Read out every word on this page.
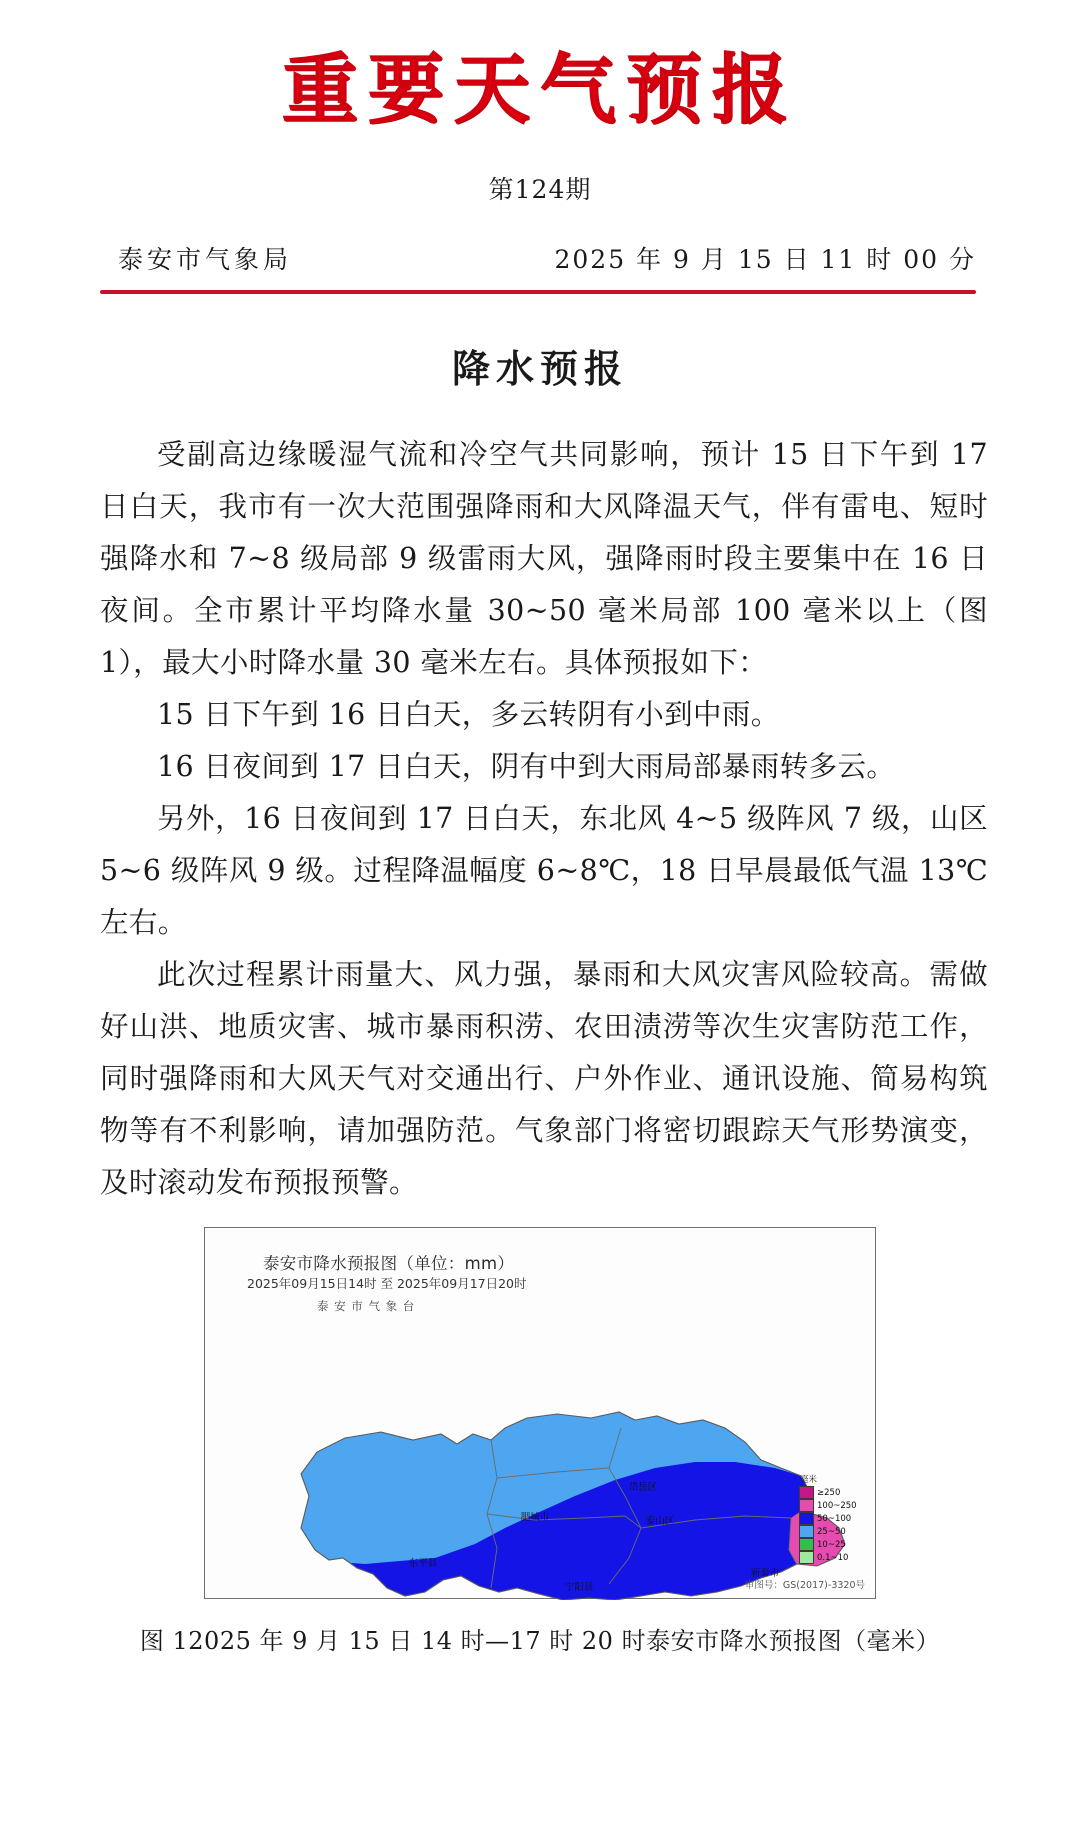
重要天气预报
第124期
泰安市气象局	2025 年 9 月 15 日 11 时 00 分
降水预报

受副高边缘暖湿气流和冷空气共同影响，预计 15 日下午到 17 日白天，我市有一次大范围强降雨和大风降温天气，伴有雷电、短时强降水和 7~8 级局部 9 级雷雨大风，强降雨时段主要集中在 16 日夜间。全市累计平均降水量 30~50 毫米局部 100 毫米以上（图 1），最大小时降水量 30 毫米左右。具体预报如下：

15 日下午到 16 日白天，多云转阴有小到中雨。

16 日夜间到 17 日白天，阴有中到大雨局部暴雨转多云。

另外，16 日夜间到 17 日白天，东北风 4~5 级阵风 7 级，山区 5~6 级阵风 9 级。过程降温幅度 6~8℃，18 日早晨最低气温 13℃左右。

此次过程累计雨量大、风力强，暴雨和大风灾害风险较高。需做好山洪、地质灾害、城市暴雨积涝、农田渍涝等次生灾害防范工作，同时强降雨和大风天气对交通出行、户外作业、通讯设施、简易构筑物等有不利影响，请加强防范。气象部门将密切跟踪天气形势演变，及时滚动发布预报预警。

泰安市降水预报图（单位：mm）
2025年09月15日14时 至 2025年09月17日20时
泰 安 市 气 象 台
肥城市
东平县
岱岳区
泰山区
宁阳县
新泰市
毫米
≥250
100~250
50~100
25~50
10~25
0.1~10
审图号：GS(2017)-3320号
图 12025 年 9 月 15 日 14 时—17 时 20 时泰安市降水预报图（毫米）
